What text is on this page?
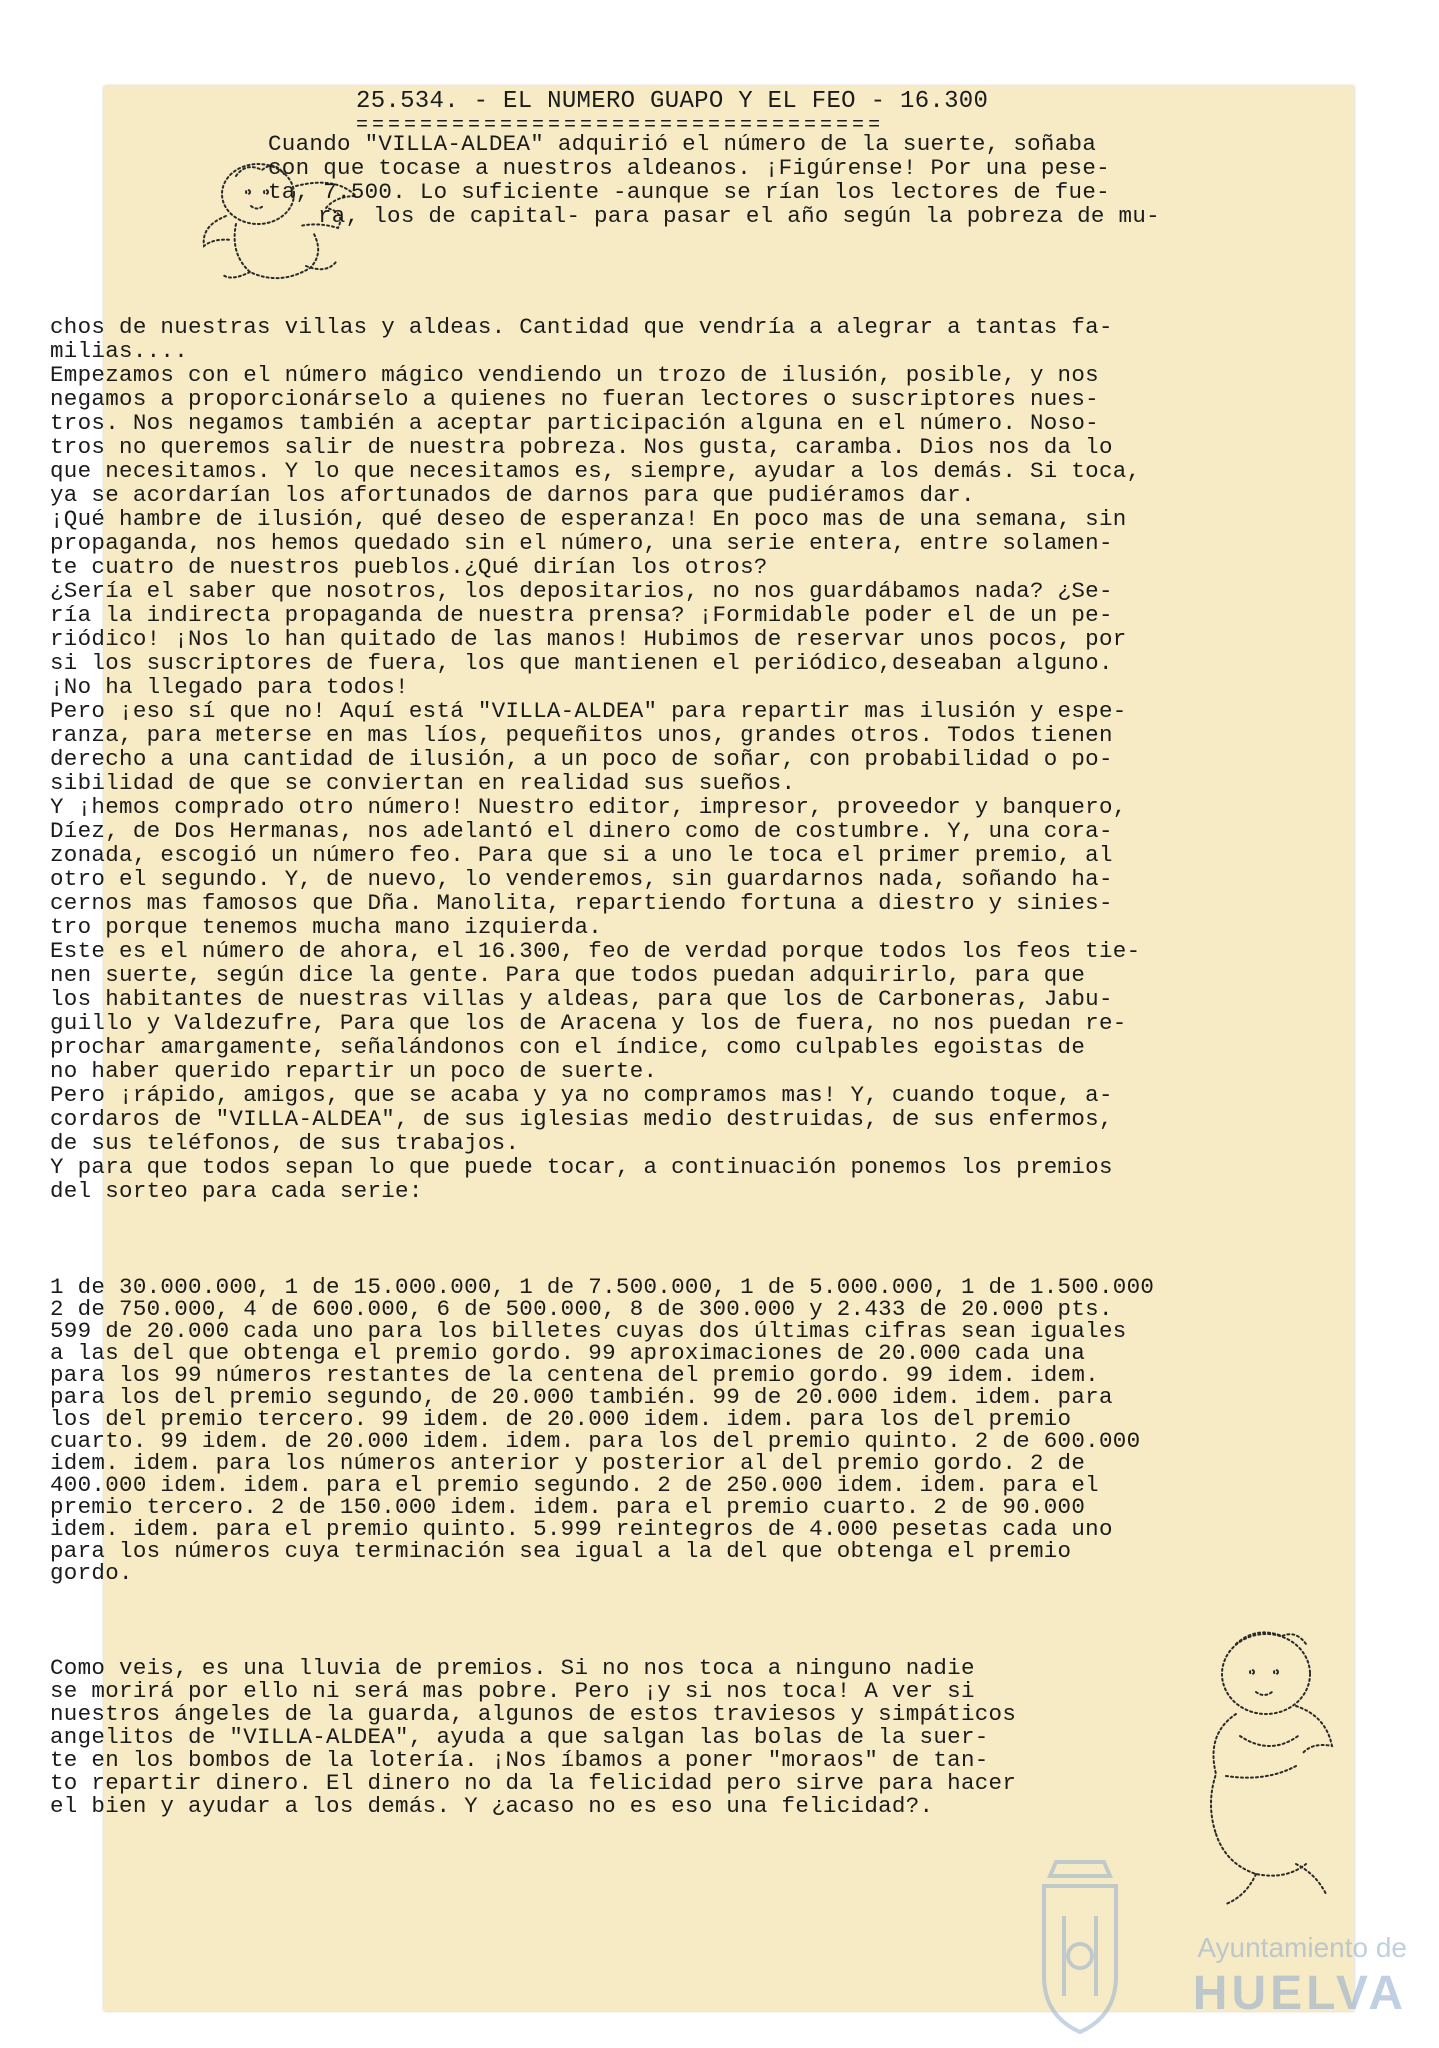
25.534. - EL NUMERO GUAPO Y EL FEO - 16.300
=================================
Cuando "VILLA-ALDEA" adquirió el número de la suerte, soñaba
con que tocase a nuestros aldeanos. ¡Figúrense! Por una pese-
ta, 7.500. Lo suficiente -aunque se rían los lectores de fue-
ra, los de capital- para pasar el año según la pobreza de mu-
chos de nuestras villas y aldeas. Cantidad que vendría a alegrar a tantas fa-
milias....
Empezamos con el número mágico vendiendo un trozo de ilusión, posible, y nos
negamos a proporcionárselo a quienes no fueran lectores o suscriptores nues-
tros. Nos negamos también a aceptar participación alguna en el número. Noso-
tros no queremos salir de nuestra pobreza. Nos gusta, caramba. Dios nos da lo
que necesitamos. Y lo que necesitamos es, siempre, ayudar a los demás. Si toca,
ya se acordarían los afortunados de darnos para que pudiéramos dar.
¡Qué hambre de ilusión, qué deseo de esperanza! En poco mas de una semana, sin
propaganda, nos hemos quedado sin el número, una serie entera, entre solamen-
te cuatro de nuestros pueblos.¿Qué dirían los otros?
¿Sería el saber que nosotros, los depositarios, no nos guardábamos nada? ¿Se-
ría la indirecta propaganda de nuestra prensa? ¡Formidable poder el de un pe-
riódico! ¡Nos lo han quitado de las manos! Hubimos de reservar unos pocos, por
si los suscriptores de fuera, los que mantienen el periódico,deseaban alguno.
¡No ha llegado para todos!
Pero ¡eso sí que no! Aquí está "VILLA-ALDEA" para repartir mas ilusión y espe-
ranza, para meterse en mas líos, pequeñitos unos, grandes otros. Todos tienen
derecho a una cantidad de ilusión, a un poco de soñar, con probabilidad o po-
sibilidad de que se conviertan en realidad sus sueños.
Y ¡hemos comprado otro número! Nuestro editor, impresor, proveedor y banquero,
Díez, de Dos Hermanas, nos adelantó el dinero como de costumbre. Y, una cora-
zonada, escogió un número feo. Para que si a uno le toca el primer premio, al
otro el segundo. Y, de nuevo, lo venderemos, sin guardarnos nada, soñando ha-
cernos mas famosos que Dña. Manolita, repartiendo fortuna a diestro y sinies-
tro porque tenemos mucha mano izquierda.
Este es el número de ahora, el 16.300, feo de verdad porque todos los feos tie-
nen suerte, según dice la gente. Para que todos puedan adquirirlo, para que
los habitantes de nuestras villas y aldeas, para que los de Carboneras, Jabu-
guillo y Valdezufre, Para que los de Aracena y los de fuera, no nos puedan re-
prochar amargamente, señalándonos con el índice, como culpables egoistas de
no haber querido repartir un poco de suerte.
Pero ¡rápido, amigos, que se acaba y ya no compramos mas! Y, cuando toque, a-
cordaros de "VILLA-ALDEA", de sus iglesias medio destruidas, de sus enfermos,
de sus teléfonos, de sus trabajos.
Y para que todos sepan lo que puede tocar, a continuación ponemos los premios
del sorteo para cada serie:
1 de 30.000.000, 1 de 15.000.000, 1 de 7.500.000, 1 de 5.000.000, 1 de 1.500.000
2 de 750.000, 4 de 600.000, 6 de 500.000, 8 de 300.000 y 2.433 de 20.000 pts.
599 de 20.000 cada uno para los billetes cuyas dos últimas cifras sean iguales
a las del que obtenga el premio gordo. 99 aproximaciones de 20.000 cada una
para los 99 números restantes de la centena del premio gordo. 99 idem. idem.
para los del premio segundo, de 20.000 también. 99 de 20.000 idem. idem. para
los del premio tercero. 99 idem. de 20.000 idem. idem. para los del premio
cuarto. 99 idem. de 20.000 idem. idem. para los del premio quinto. 2 de 600.000
idem. idem. para los números anterior y posterior al del premio gordo. 2 de
400.000 idem. idem. para el premio segundo. 2 de 250.000 idem. idem. para el
premio tercero. 2 de 150.000 idem. idem. para el premio cuarto. 2 de 90.000
idem. idem. para el premio quinto. 5.999 reintegros de 4.000 pesetas cada uno
para los números cuya terminación sea igual a la del que obtenga el premio
gordo.
Como veis, es una lluvia de premios. Si no nos toca a ninguno nadie
se morirá por ello ni será mas pobre. Pero ¡y si nos toca! A ver si
nuestros ángeles de la guarda, algunos de estos traviesos y simpáticos
angelitos de "VILLA-ALDEA", ayuda a que salgan las bolas de la suer-
te en los bombos de la lotería. ¡Nos íbamos a poner "moraos" de tan-
to repartir dinero. El dinero no da la felicidad pero sirve para hacer
el bien y ayudar a los demás. Y ¿acaso no es eso una felicidad?.
Ayuntamiento de
HUELVA
